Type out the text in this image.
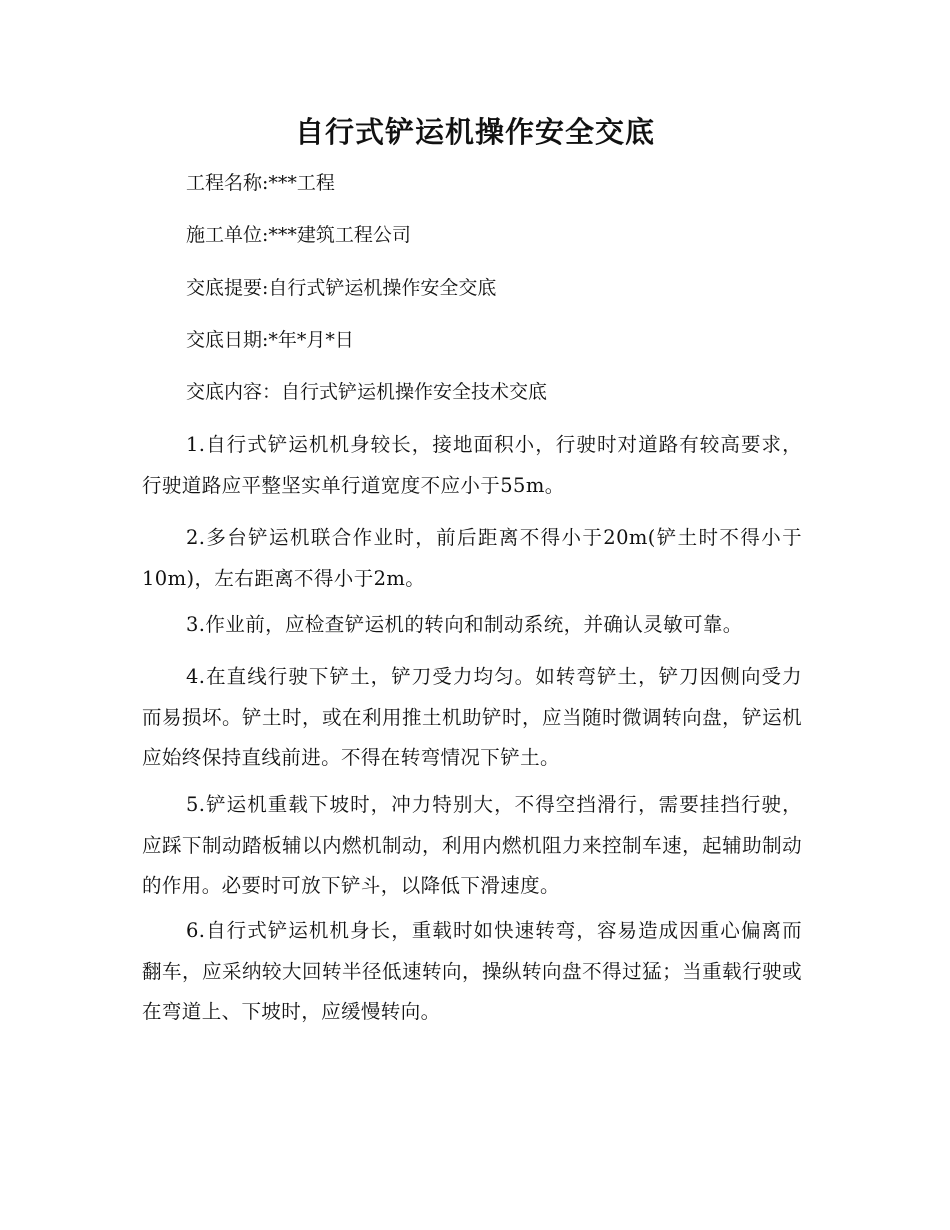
自行式铲运机操作安全交底
工程名称:***工程
施工单位:***建筑工程公司
交底提要:自行式铲运机操作安全交底
交底日期:*年*月*日
交底内容：自行式铲运机操作安全技术交底

1.自行式铲运机机身较长，接地面积小，行驶时对道路有较高要求，行驶道路应平整坚实单行道宽度不应小于55m。

2.多台铲运机联合作业时，前后距离不得小于20m(铲土时不得小于10m)，左右距离不得小于2m。

3.作业前，应检查铲运机的转向和制动系统，并确认灵敏可靠。

4.在直线行驶下铲土，铲刀受力均匀。如转弯铲土，铲刀因侧向受力而易损坏。铲土时，或在利用推土机助铲时，应当随时微调转向盘，铲运机应始终保持直线前进。不得在转弯情况下铲土。

5.铲运机重载下坡时，冲力特别大，不得空挡滑行，需要挂挡行驶，应踩下制动踏板辅以内燃机制动，利用内燃机阻力来控制车速，起辅助制动的作用。必要时可放下铲斗，以降低下滑速度。

6.自行式铲运机机身长，重载时如快速转弯，容易造成因重心偏离而翻车，应采纳较大回转半径低速转向，操纵转向盘不得过猛；当重载行驶或在弯道上、下坡时，应缓慢转向。
